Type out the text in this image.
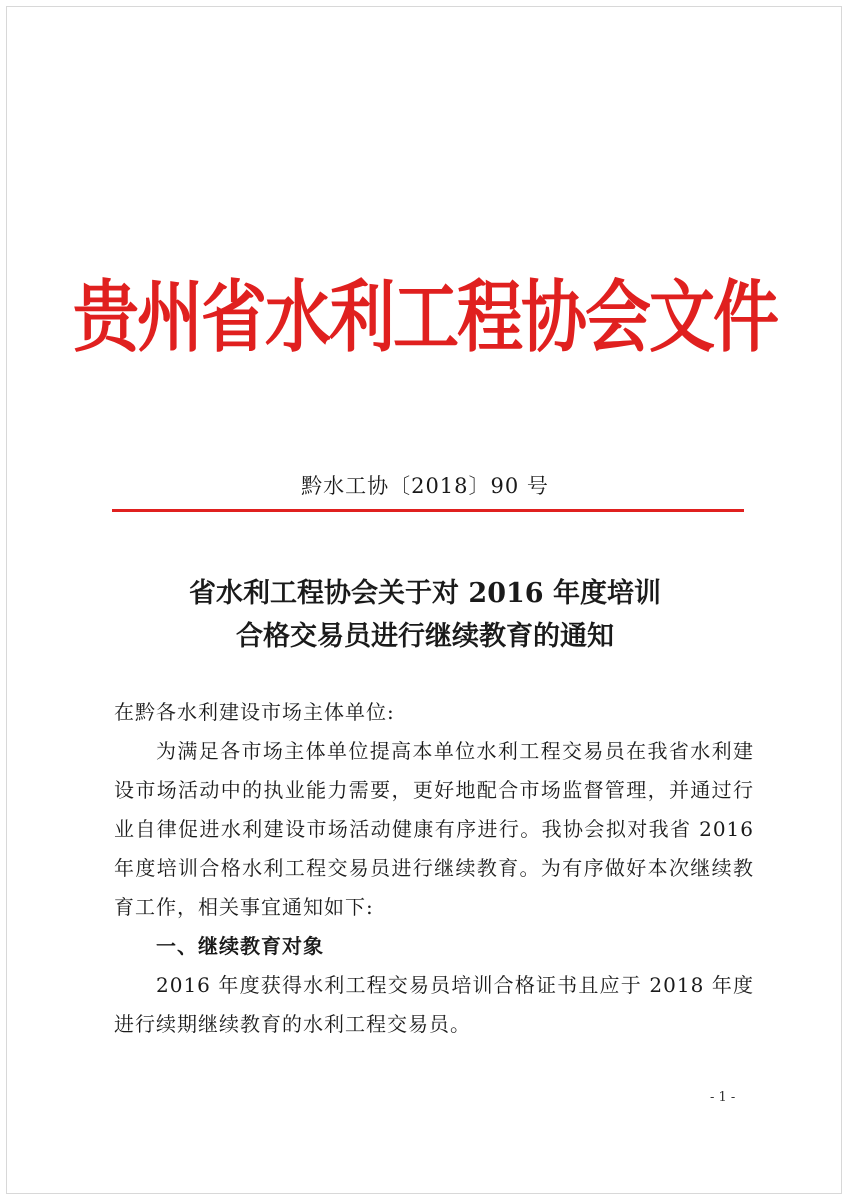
贵州省水利工程协会文件
黔水工协〔2018〕90 号
省水利工程协会关于对 2016 年度培训
合格交易员进行继续教育的通知

在黔各水利建设市场主体单位:

为满足各市场主体单位提高本单位水利工程交易员在我省水利建设市场活动中的执业能力需要，更好地配合市场监督管理，并通过行业自律促进水利建设市场活动健康有序进行。我协会拟对我省 2016 年度培训合格水利工程交易员进行继续教育。为有序做好本次继续教育工作，相关事宜通知如下:

一、继续教育对象

2016 年度获得水利工程交易员培训合格证书且应于 2018 年度进行续期继续教育的水利工程交易员。

- 1 -
